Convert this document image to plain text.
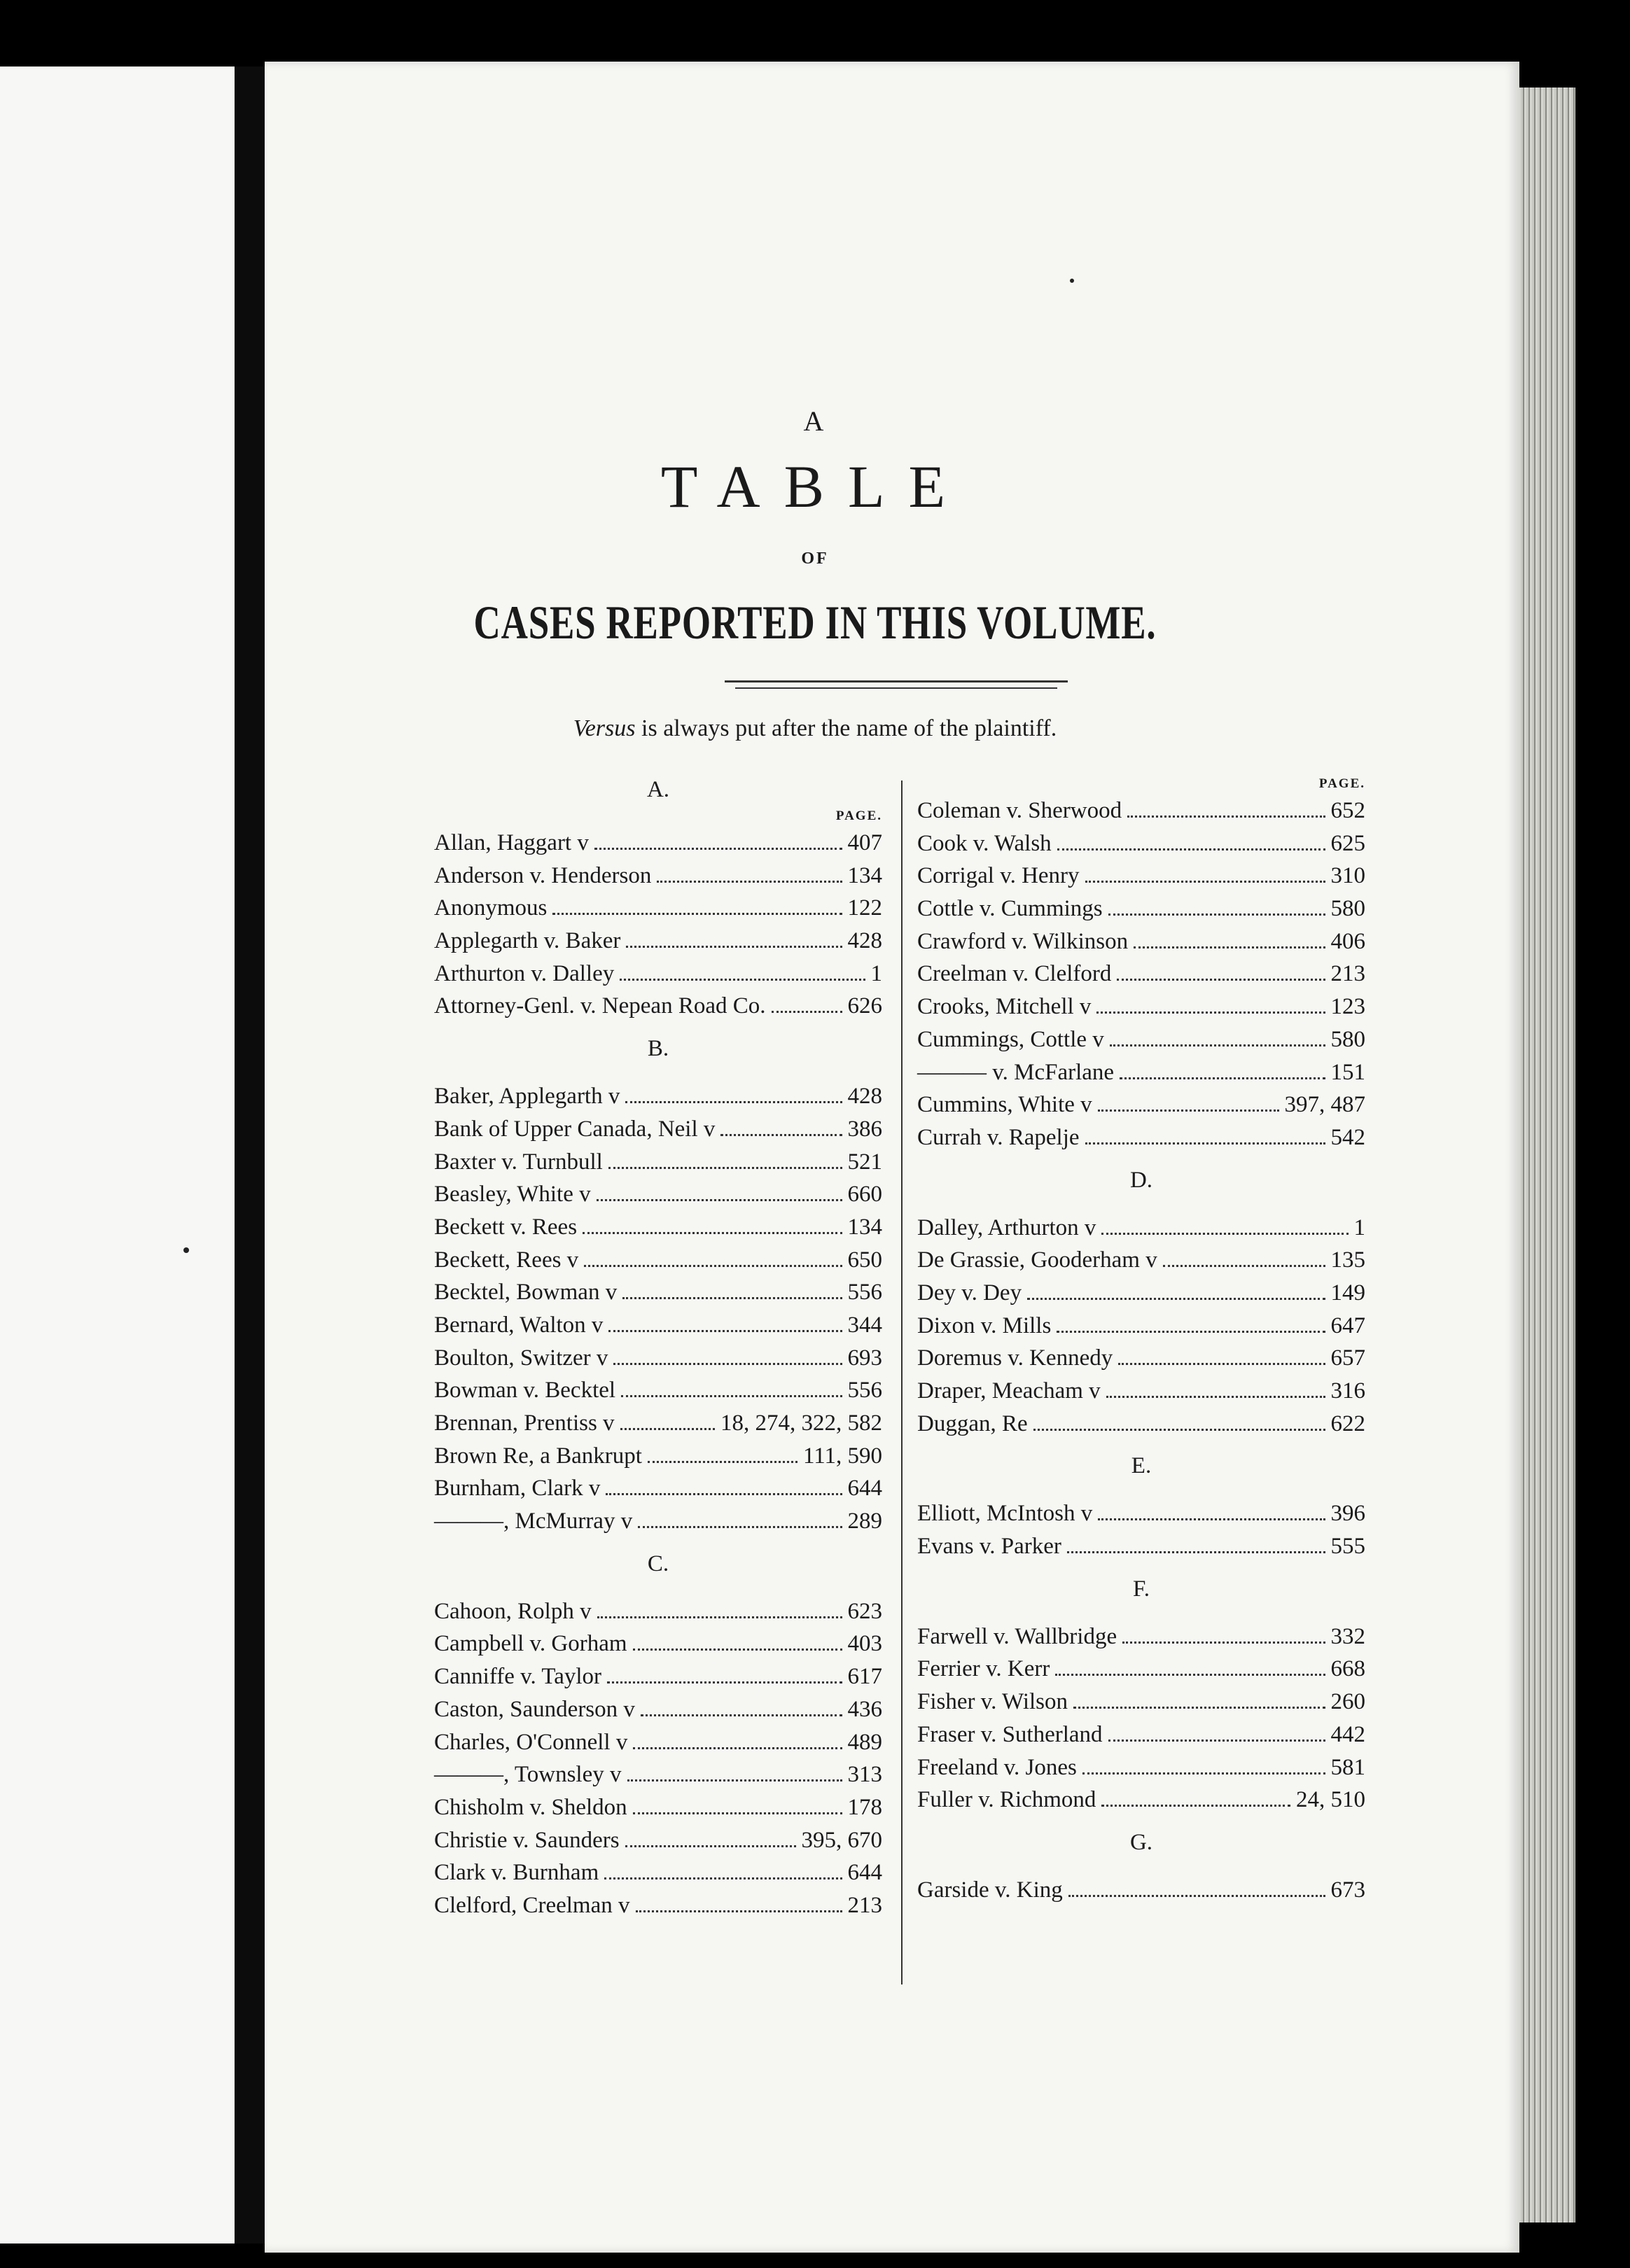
A
TABLE
OF
CASES REPORTED IN THIS VOLUME.
Versus is always put after the name of the plaintiff.
A.
PAGE.
Allan, Haggart v	407
Anderson v. Henderson	134
Anonymous	122
Applegarth v. Baker	428
Arthurton v. Dalley	1
Attorney-Genl. v. Nepean Road Co.	626
B.
Baker, Applegarth v	428
Bank of Upper Canada, Neil v	386
Baxter v. Turnbull	521
Beasley, White v	660
Beckett v. Rees	134
Beckett, Rees v	650
Becktel, Bowman v	556
Bernard, Walton v	344
Boulton, Switzer v	693
Bowman v. Becktel	556
Brennan, Prentiss v	18, 274, 322, 582
Brown Re, a Bankrupt	111, 590
Burnham, Clark v	644
———, McMurray v	289
C.
Cahoon, Rolph v	623
Campbell v. Gorham	403
Canniffe v. Taylor	617
Caston, Saunderson v	436
Charles, O'Connell v	489
———, Townsley v	313
Chisholm v. Sheldon	178
Christie v. Saunders	395, 670
Clark v. Burnham	644
Clelford, Creelman v	213
PAGE.
Coleman v. Sherwood	652
Cook v. Walsh	625
Corrigal v. Henry	310
Cottle v. Cummings	580
Crawford v. Wilkinson	406
Creelman v. Clelford	213
Crooks, Mitchell v	123
Cummings, Cottle v	580
——— v. McFarlane	151
Cummins, White v	397, 487
Currah v. Rapelje	542
D.
Dalley, Arthurton v	1
De Grassie, Gooderham v	135
Dey v. Dey	149
Dixon v. Mills	647
Doremus v. Kennedy	657
Draper, Meacham v	316
Duggan, Re	622
E.
Elliott, McIntosh v	396
Evans v. Parker	555
F.
Farwell v. Wallbridge	332
Ferrier v. Kerr	668
Fisher v. Wilson	260
Fraser v. Sutherland	442
Freeland v. Jones	581
Fuller v. Richmond	24, 510
G.
Garside v. King	673
